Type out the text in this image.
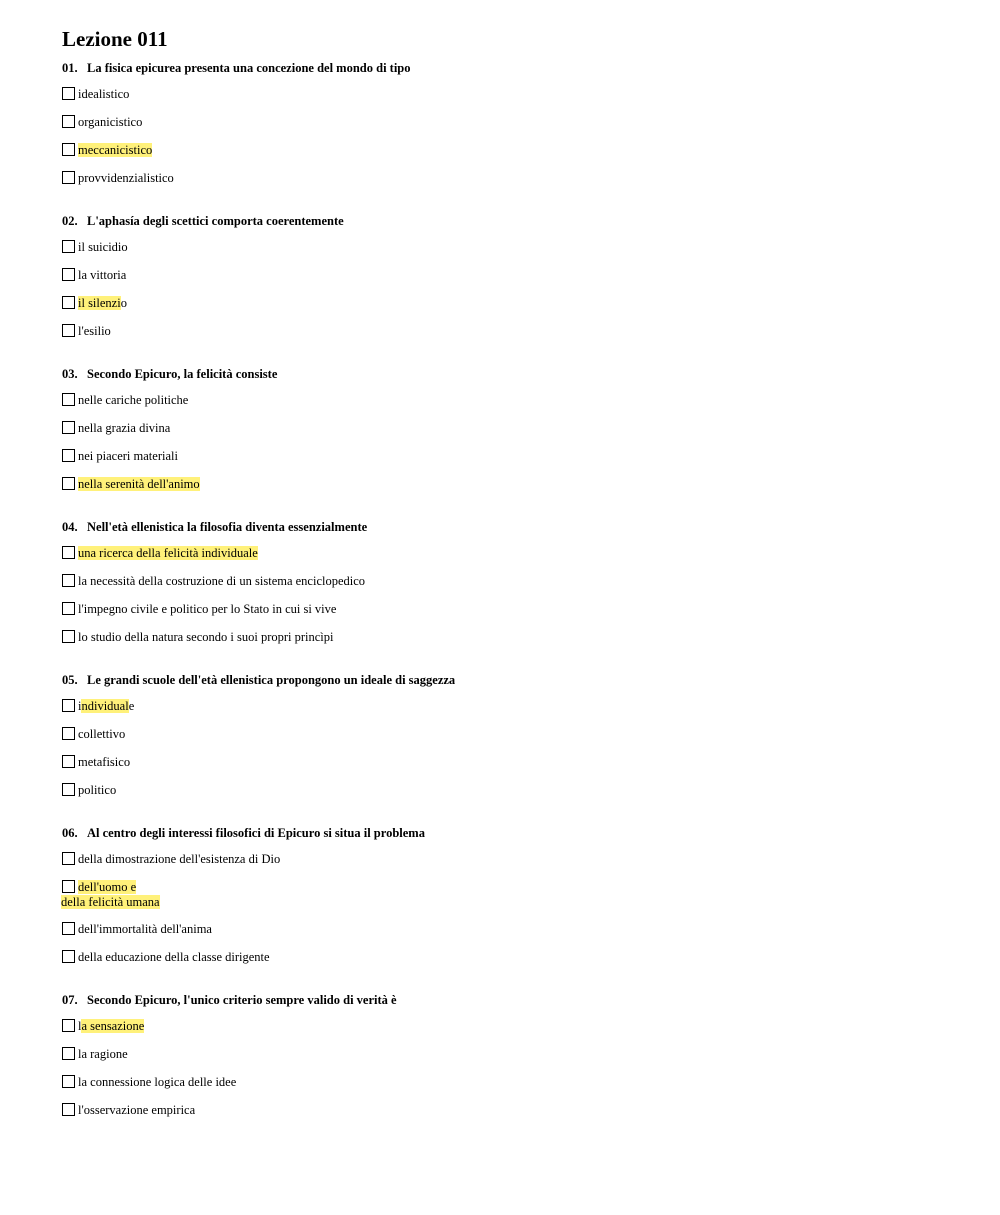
Lezione 011
01. La fisica epicurea presenta una concezione del mondo di tipo
idealistico
organicistico
meccanicistico
provvidenzialistico
02. L'aphasía degli scettici comporta coerentemente
il suicidio
la vittoria
il silenzio
l'esilio
03. Secondo Epicuro, la felicità consiste
nelle cariche politiche
nella grazia divina
nei piaceri materiali
nella serenità dell'animo
04. Nell'età ellenistica la filosofia diventa essenzialmente
una ricerca della felicità individuale
la necessità della costruzione di un sistema enciclopedico
l'impegno civile e politico per lo Stato in cui si vive
lo studio della natura secondo i suoi propri princìpi
05. Le grandi scuole dell'età ellenistica propongono un ideale di saggezza
individuale
collettivo
metafisico
politico
06. Al centro degli interessi filosofici di Epicuro si situa il problema
della dimostrazione dell'esistenza di Dio
dell'uomo e
della felicità umana
dell'immortalità dell'anima
della educazione della classe dirigente
07. Secondo Epicuro, l'unico criterio sempre valido di verità è
la sensazione
la ragione
la connessione logica delle idee
l'osservazione empirica
